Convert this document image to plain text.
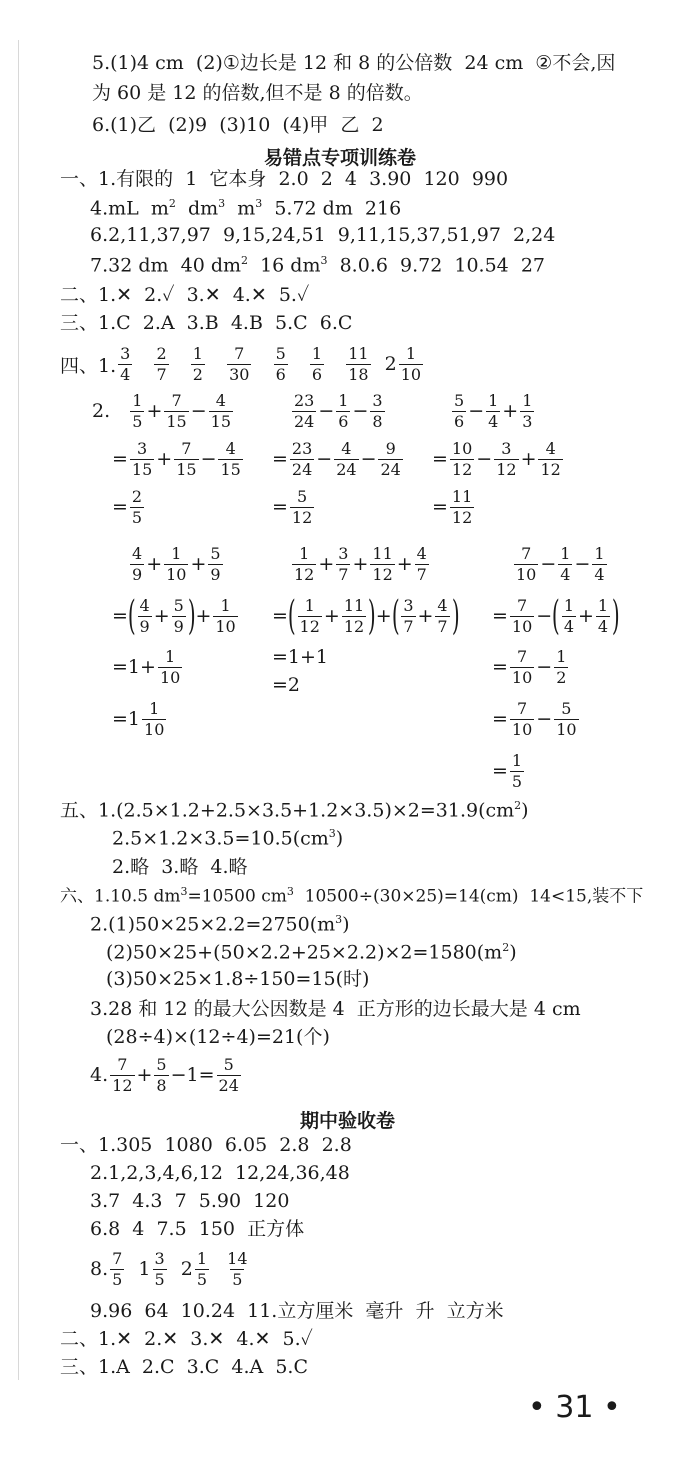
5.(1)4 cm  (2)①边长是 12 和 8 的公倍数  24 cm  ②不会,因
为 60 是 12 的倍数,但不是 8 的倍数。
6.(1)乙  (2)9  (3)10  (4)甲  乙  2
易错点专项训练卷
一、1.有限的  1  它本身  2.0  2  4  3.90  120  990
4.mL  $m^2$  $dm^3$  $m^3$  5.72 dm  216
6.2,11,37,97  9,15,24,51  9,11,15,37,51,97  2,24
7.32 dm  40 $dm^2$  16 $dm^3$  8.0.6  9.72  10.54  27
二、1.✕  2.✓  3.✕  4.✕  5.✓
三、1.C  2.A  3.B  4.B  5.C  6.C
四、1.
3
4

2
7

1
2

7
30

5
6

1
6

11
18

2 1
10
2.
1
$5 + \frac{7}{15} - \frac{4}{15}$
= $\frac{3}{15} + \frac{7}{15} - \frac{4}{15}$
= $\frac{2}{5}$
23
$24 - \frac{1}{6} - \frac{3}{8}$
= $\frac{23}{24} - \frac{4}{24} - \frac{9}{24}$
= $\frac{5}{12}$
5
$6 - \frac{1}{4} + \frac{1}{3}$
= $\frac{10}{12} - \frac{3}{12} + \frac{4}{12}$
= $\frac{11}{12}$
4
$9 + \frac{1}{10} + \frac{5}{9}$
= ( 4
$9 + \frac{5}{9}$ ) + $\frac{1}{10}$
$=1+ \frac{1}{10}$
=1 1
10
1
$12 + \frac{3}{7} + \frac{11}{12} + \frac{4}{7}$
= ( 1
$12 + \frac{11}{12}$ ) + ( 3
$7 + \frac{4}{7}$ )
=1+1
=2
7
$10 - \frac{1}{4} - \frac{1}{4}$
= $\frac{7}{10}$ − ( 1
$4 + \frac{1}{4}$ )
= $\frac{7}{10} - \frac{1}{2}$
= $\frac{7}{10} - \frac{5}{10}$
= $\frac{1}{5}$
五、$1.(2.5\times 1.2+2.5\times 3.5+1.2\times 3.5)\times 2=31.9(cm^2)$
$2.5\times 1.2\times 3.5=10.5(cm^3)$
2.略  3.略  4.略
六、1.10.5 $dm^3=10500$ $cm^3$  10500÷(30×25)=14(cm)  14<15,装不下
$2.(1)50\times 25\times 2.2=2750(m^3)$
$(2)50\times 25+(50\times 2.2+25\times 2.2)\times 2=1580(m^2)$
(3)50×25×1.8÷150=15(时)
3.28 和 12 的最大公因数是 4  正方形的边长最大是 4 cm
(28÷4)×(12÷4)=21(个)
4. 7
$12 + \frac{5}{8} -1= \frac{5}{24}$
期中验收卷
一、1.305  1080  6.05  2.8  2.8
2.1,2,3,4,6,12  12,24,36,48
3.7  4.3  7  5.90  120
6.8  4  7.5  150  正方体
8. 7
5
1 3
5
2 1
5

14
5
9.96  64  10.24  11.立方厘米  毫升  升  立方米
二、1.✕  2.✕  3.✕  4.✕  5.✓
三、1.A  2.C  3.C  4.A  5.C
• 31 •
